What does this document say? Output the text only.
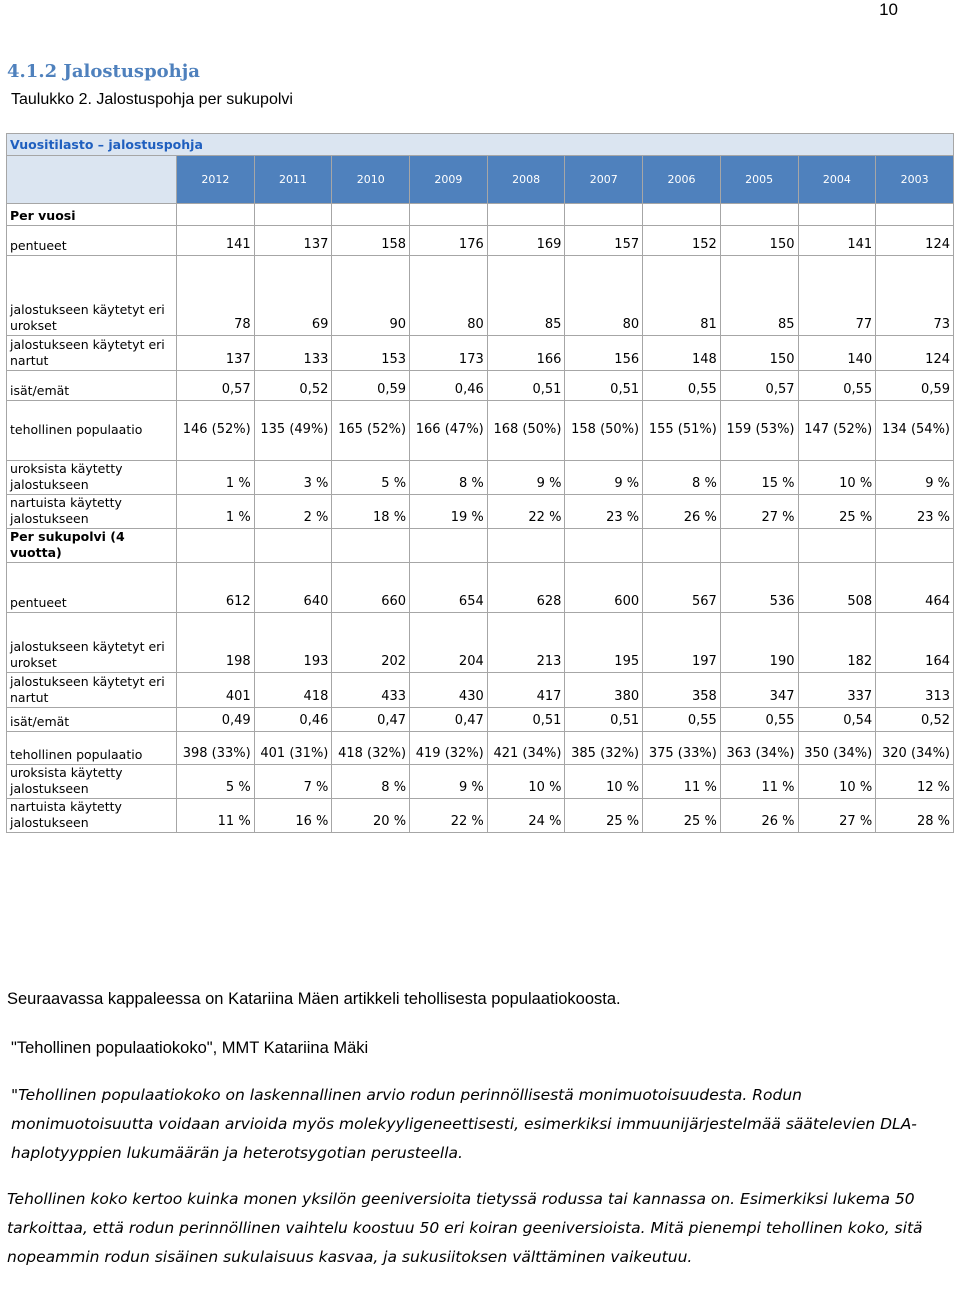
10
4.1.2 Jalostuspohja
Taulukko 2. Jalostuspohja per sukupolvi
Vuositilasto – jalostuspohja										
	2012	2011	2010	2009	2008	2007	2006	2005	2004	2003
Per vuosi										
pentueet	141	137	158	176	169	157	152	150	141	124
jalostukseen käytetyt eri urokset	78	69	90	80	85	80	81	85	77	73
jalostukseen käytetyt eri nartut	137	133	153	173	166	156	148	150	140	124
isät/emät	0,57	0,52	0,59	0,46	0,51	0,51	0,55	0,57	0,55	0,59
tehollinen populaatio	146 (52%)	135 (49%)	165 (52%)	166 (47%)	168 (50%)	158 (50%)	155 (51%)	159 (53%)	147 (52%)	134 (54%)
uroksista käytetty jalostukseen	1 %	3 %	5 %	8 %	9 %	9 %	8 %	15 %	10 %	9 %
nartuista käytetty jalostukseen	1 %	2 %	18 %	19 %	22 %	23 %	26 %	27 %	25 %	23 %
Per sukupolvi (4 vuotta)										
pentueet	612	640	660	654	628	600	567	536	508	464
jalostukseen käytetyt eri urokset	198	193	202	204	213	195	197	190	182	164
jalostukseen käytetyt eri nartut	401	418	433	430	417	380	358	347	337	313
isät/emät	0,49	0,46	0,47	0,47	0,51	0,51	0,55	0,55	0,54	0,52
tehollinen populaatio	398 (33%)	401 (31%)	418 (32%)	419 (32%)	421 (34%)	385 (32%)	375 (33%)	363 (34%)	350 (34%)	320 (34%)
uroksista käytetty jalostukseen	5 %	7 %	8 %	9 %	10 %	10 %	11 %	11 %	10 %	12 %
nartuista käytetty jalostukseen	11 %	16 %	20 %	22 %	24 %	25 %	25 %	26 %	27 %	28 %
Seuraavassa kappaleessa on Katariina Mäen artikkeli tehollisesta populaatiokoosta.
"Tehollinen populaatiokoko", MMT Katariina Mäki
"Tehollinen populaatiokoko on laskennallinen arvio rodun perinnöllisestä monimuotoisuudesta. Rodun monimuotoisuutta voidaan arvioida myös molekyyligeneettisesti, esimerkiksi immuunijärjestelmää säätelevien DLA-haplotyyppien lukumäärän ja heterotsygotian perusteella.
Tehollinen koko kertoo kuinka monen yksilön geeniversioita tietyssä rodussa tai kannassa on. Esimerkiksi lukema 50 tarkoittaa, että rodun perinnöllinen vaihtelu koostuu 50 eri koiran geeniversioista. Mitä pienempi tehollinen koko, sitä nopeammin rodun sisäinen sukulaisuus kasvaa, ja sukusiitoksen välttäminen vaikeutuu.
